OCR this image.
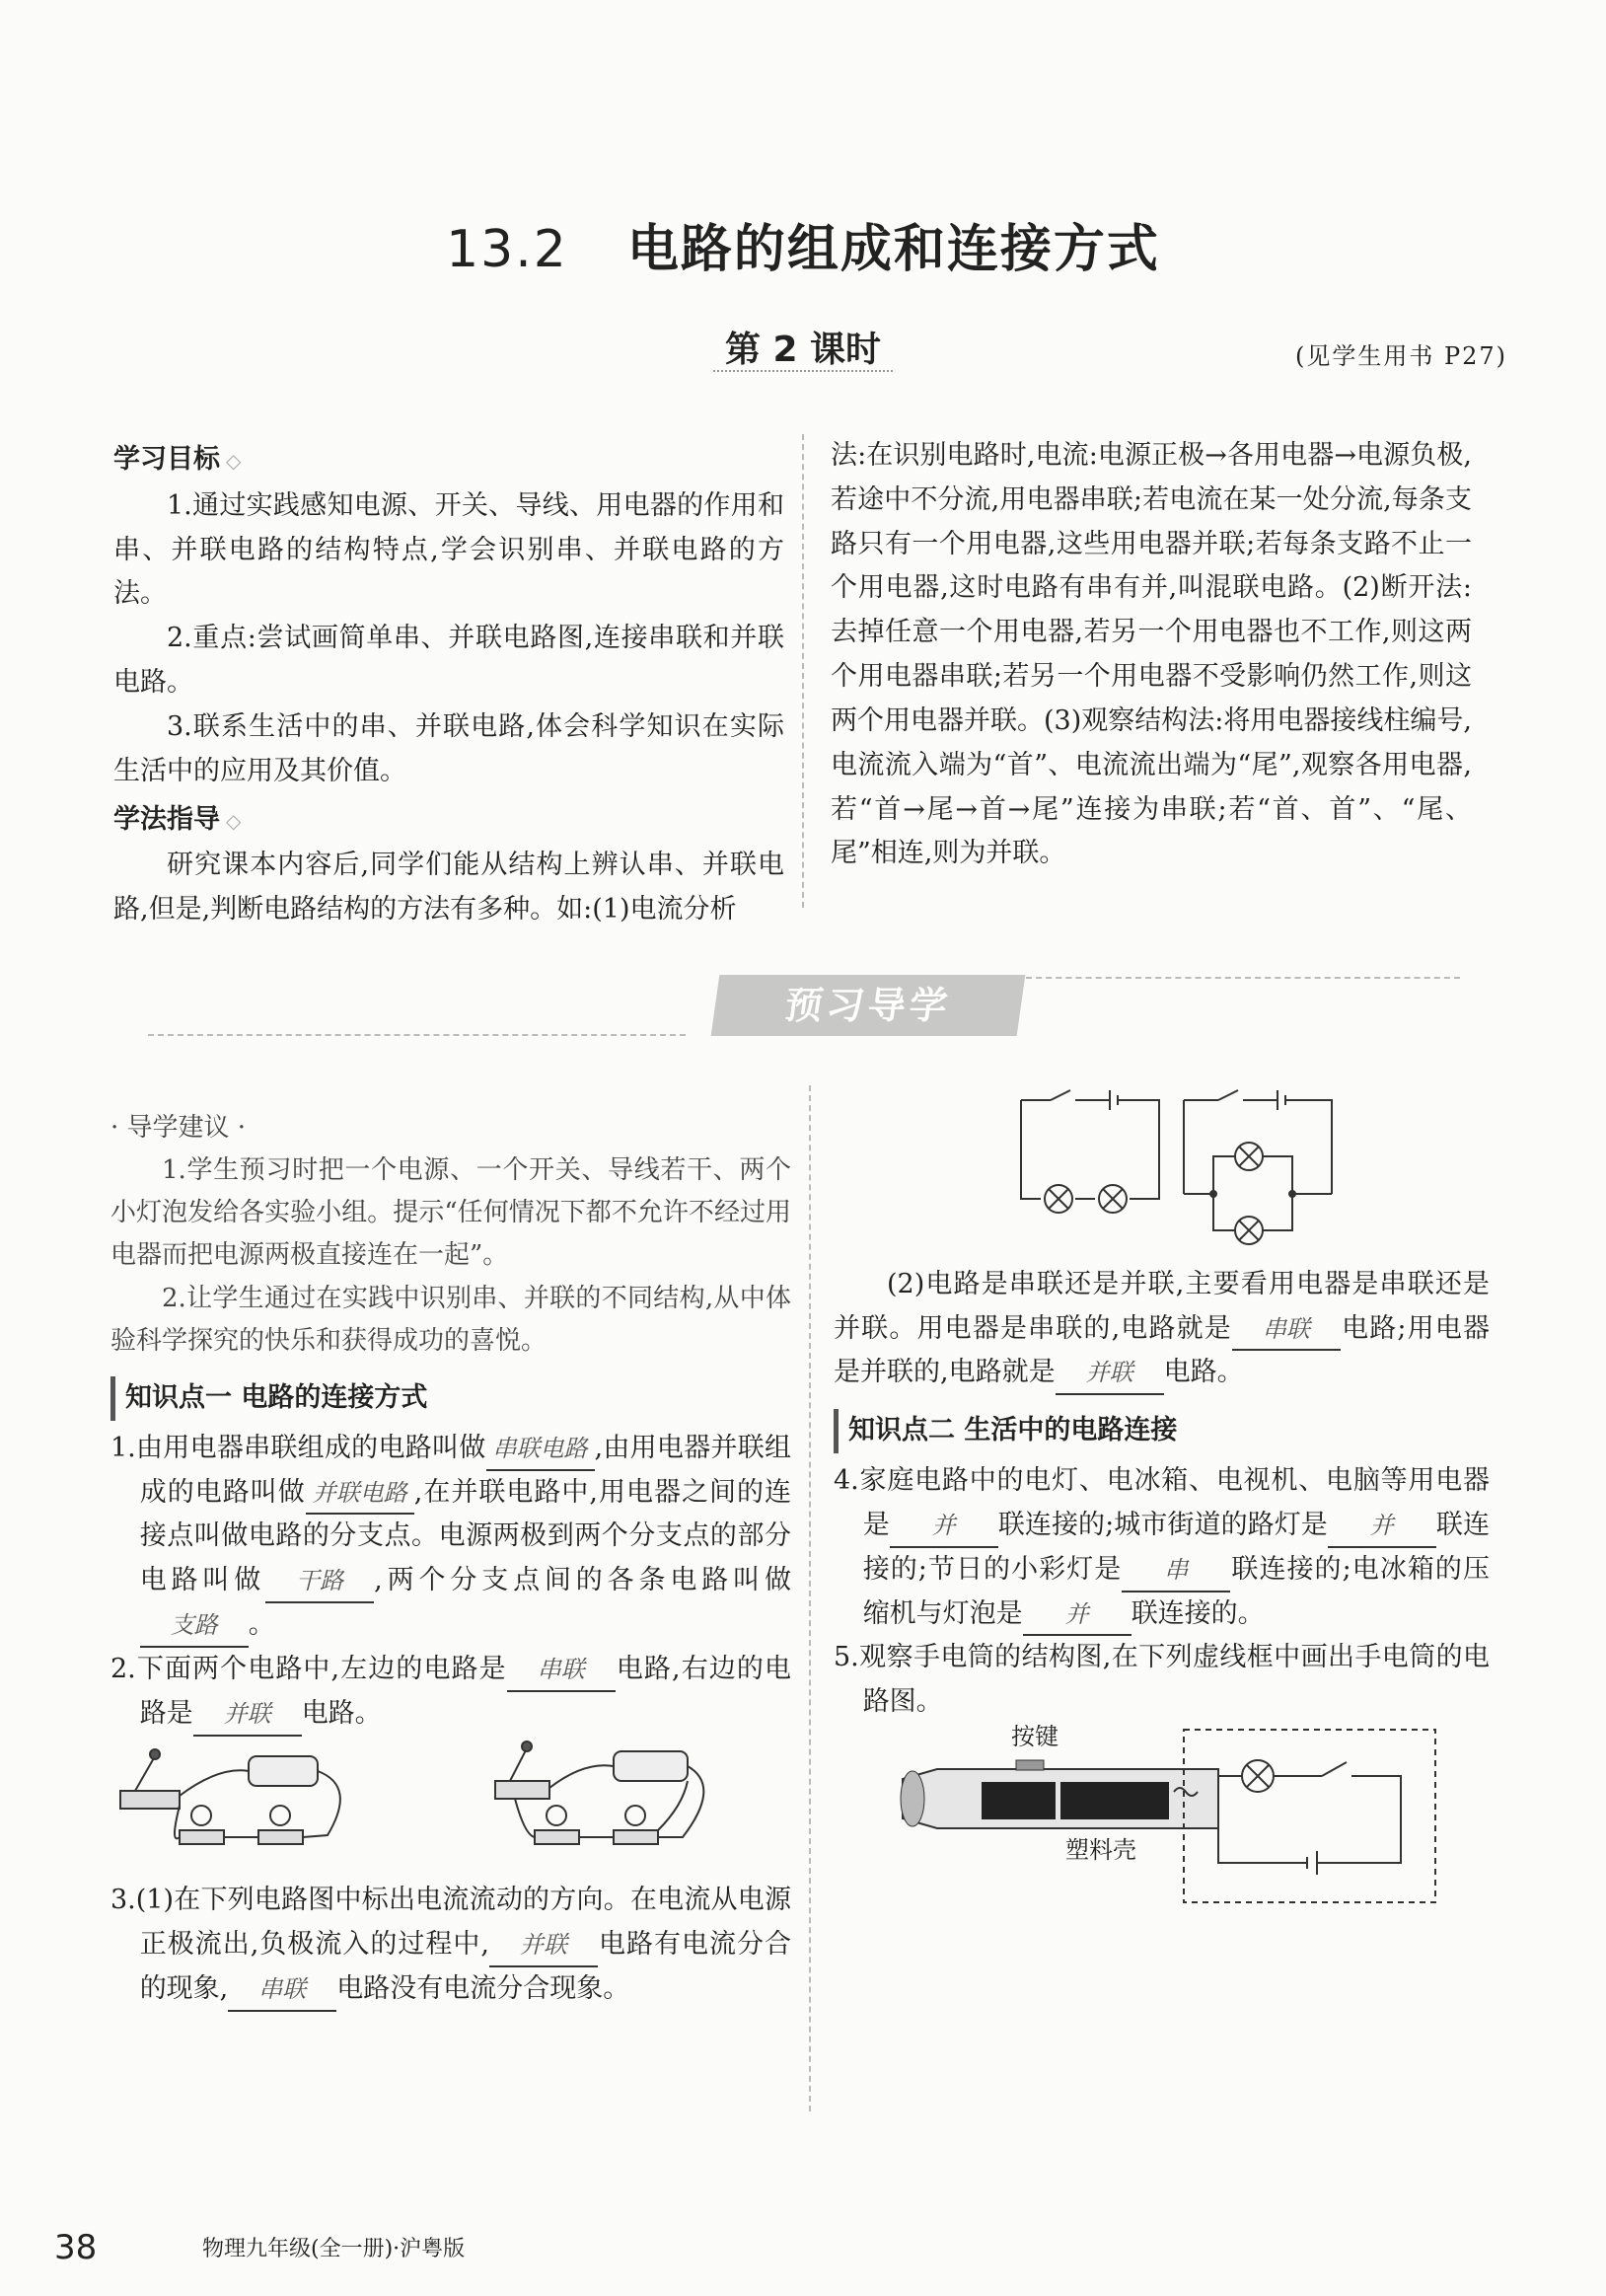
13.2 电路的组成和连接方式
第 2 课时	(见学生用书 P27)
学习目标 ◇

1.通过实践感知电源、开关、导线、用电器的作用和串、并联电路的结构特点,学会识别串、并联电路的方法。

2.重点:尝试画简单串、并联电路图,连接串联和并联电路。

3.联系生活中的串、并联电路,体会科学知识在实际生活中的应用及其价值。

学法指导 ◇

研究课本内容后,同学们能从结构上辨认串、并联电路,但是,判断电路结构的方法有多种。如:(1)电流分析

法:在识别电路时,电流:电源正极→各用电器→电源负极,若途中不分流,用电器串联;若电流在某一处分流,每条支路只有一个用电器,这些用电器并联;若每条支路不止一个用电器,这时电路有串有并,叫混联电路。(2)断开法:去掉任意一个用电器,若另一个用电器也不工作,则这两个用电器串联;若另一个用电器不受影响仍然工作,则这两个用电器并联。(3)观察结构法:将用电器接线柱编号,电流流入端为“首”、电流流出端为“尾”,观察各用电器,若“首→尾→首→尾”连接为串联;若“首、首”、“尾、尾”相连,则为并联。

预习导学

· 导学建议 ·

1.学生预习时把一个电源、一个开关、导线若干、两个小灯泡发给各实验小组。提示“任何情况下都不允许不经过用电器而把电源两极直接连在一起”。

2.让学生通过在实践中识别串、并联的不同结构,从中体验科学探究的快乐和获得成功的喜悦。

知识点一 电路的连接方式

1.由用电器串联组成的电路叫做 串联电路 ,由用电器并联组成的电路叫做 并联电路 ,在并联电路中,用电器之间的连接点叫做电路的分支点。电源两极到两个分支点的部分电路叫做 干路 ,两个分支点间的各条电路叫做支路 。

2.下面两个电路中,左边的电路是 串联 电路,右边的电路是 并联 电路。

3.(1)在下列电路图中标出电流流动的方向。在电流从电源正极流出,负极流入的过程中, 并联 电路有电流分合的现象, 串联 电路没有电流分合现象。

(2)电路是串联还是并联,主要看用电器是串联还是并联。用电器是串联的,电路就是 串联 电路;用电器是并联的,电路就是 并联 电路。

知识点二 生活中的电路连接

4.家庭电路中的电灯、电冰箱、电视机、电脑等用电器是 并 联连接的;城市街道的路灯是 并 联连接的;节日的小彩灯是 串 联连接的;电冰箱的压缩机与灯泡是 并 联连接的。

5.观察手电筒的结构图,在下列虚线框中画出手电筒的电路图。

按键
塑料壳
38	物理九年级(全一册)·沪粤版
